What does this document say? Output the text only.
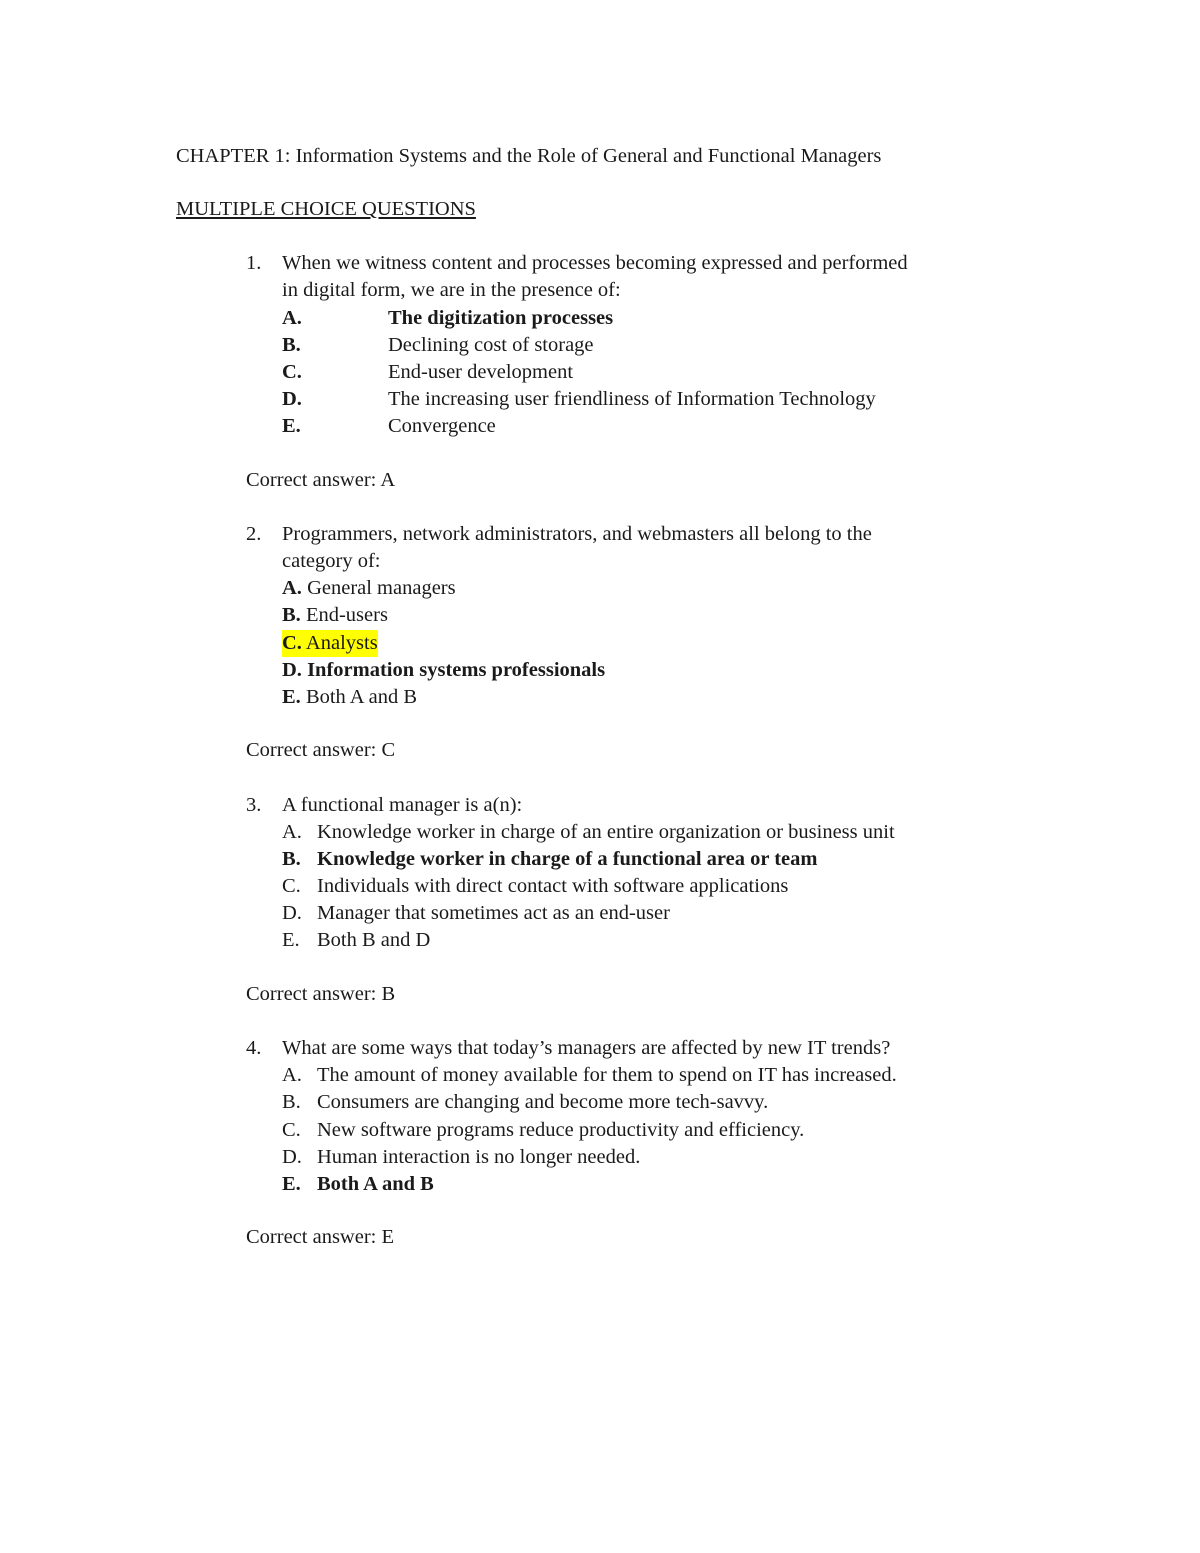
CHAPTER 1: Information Systems and the Role of General and Functional Managers
MULTIPLE CHOICE QUESTIONS
1. When we witness content and processes becoming expressed and performed
in digital form, we are in the presence of:
A.	The digitization processes
B.	Declining cost of storage
C.	End-user development
D.	The increasing user friendliness of Information Technology
E.	Convergence
Correct answer: A
2. Programmers, network administrators, and webmasters all belong to the
category of:
A. General managers
B. End-users
C. Analysts
D. Information systems professionals
E. Both A and B
Correct answer: C
3. A functional manager is a(n):
A. Knowledge worker in charge of an entire organization or business unit
B. Knowledge worker in charge of a functional area or team
C. Individuals with direct contact with software applications
D. Manager that sometimes act as an end-user
E. Both B and D
Correct answer: B
4. What are some ways that today’s managers are affected by new IT trends?
A. The amount of money available for them to spend on IT has increased.
B. Consumers are changing and become more tech-savvy.
C. New software programs reduce productivity and efficiency.
D. Human interaction is no longer needed.
E. Both A and B
Correct answer: E
